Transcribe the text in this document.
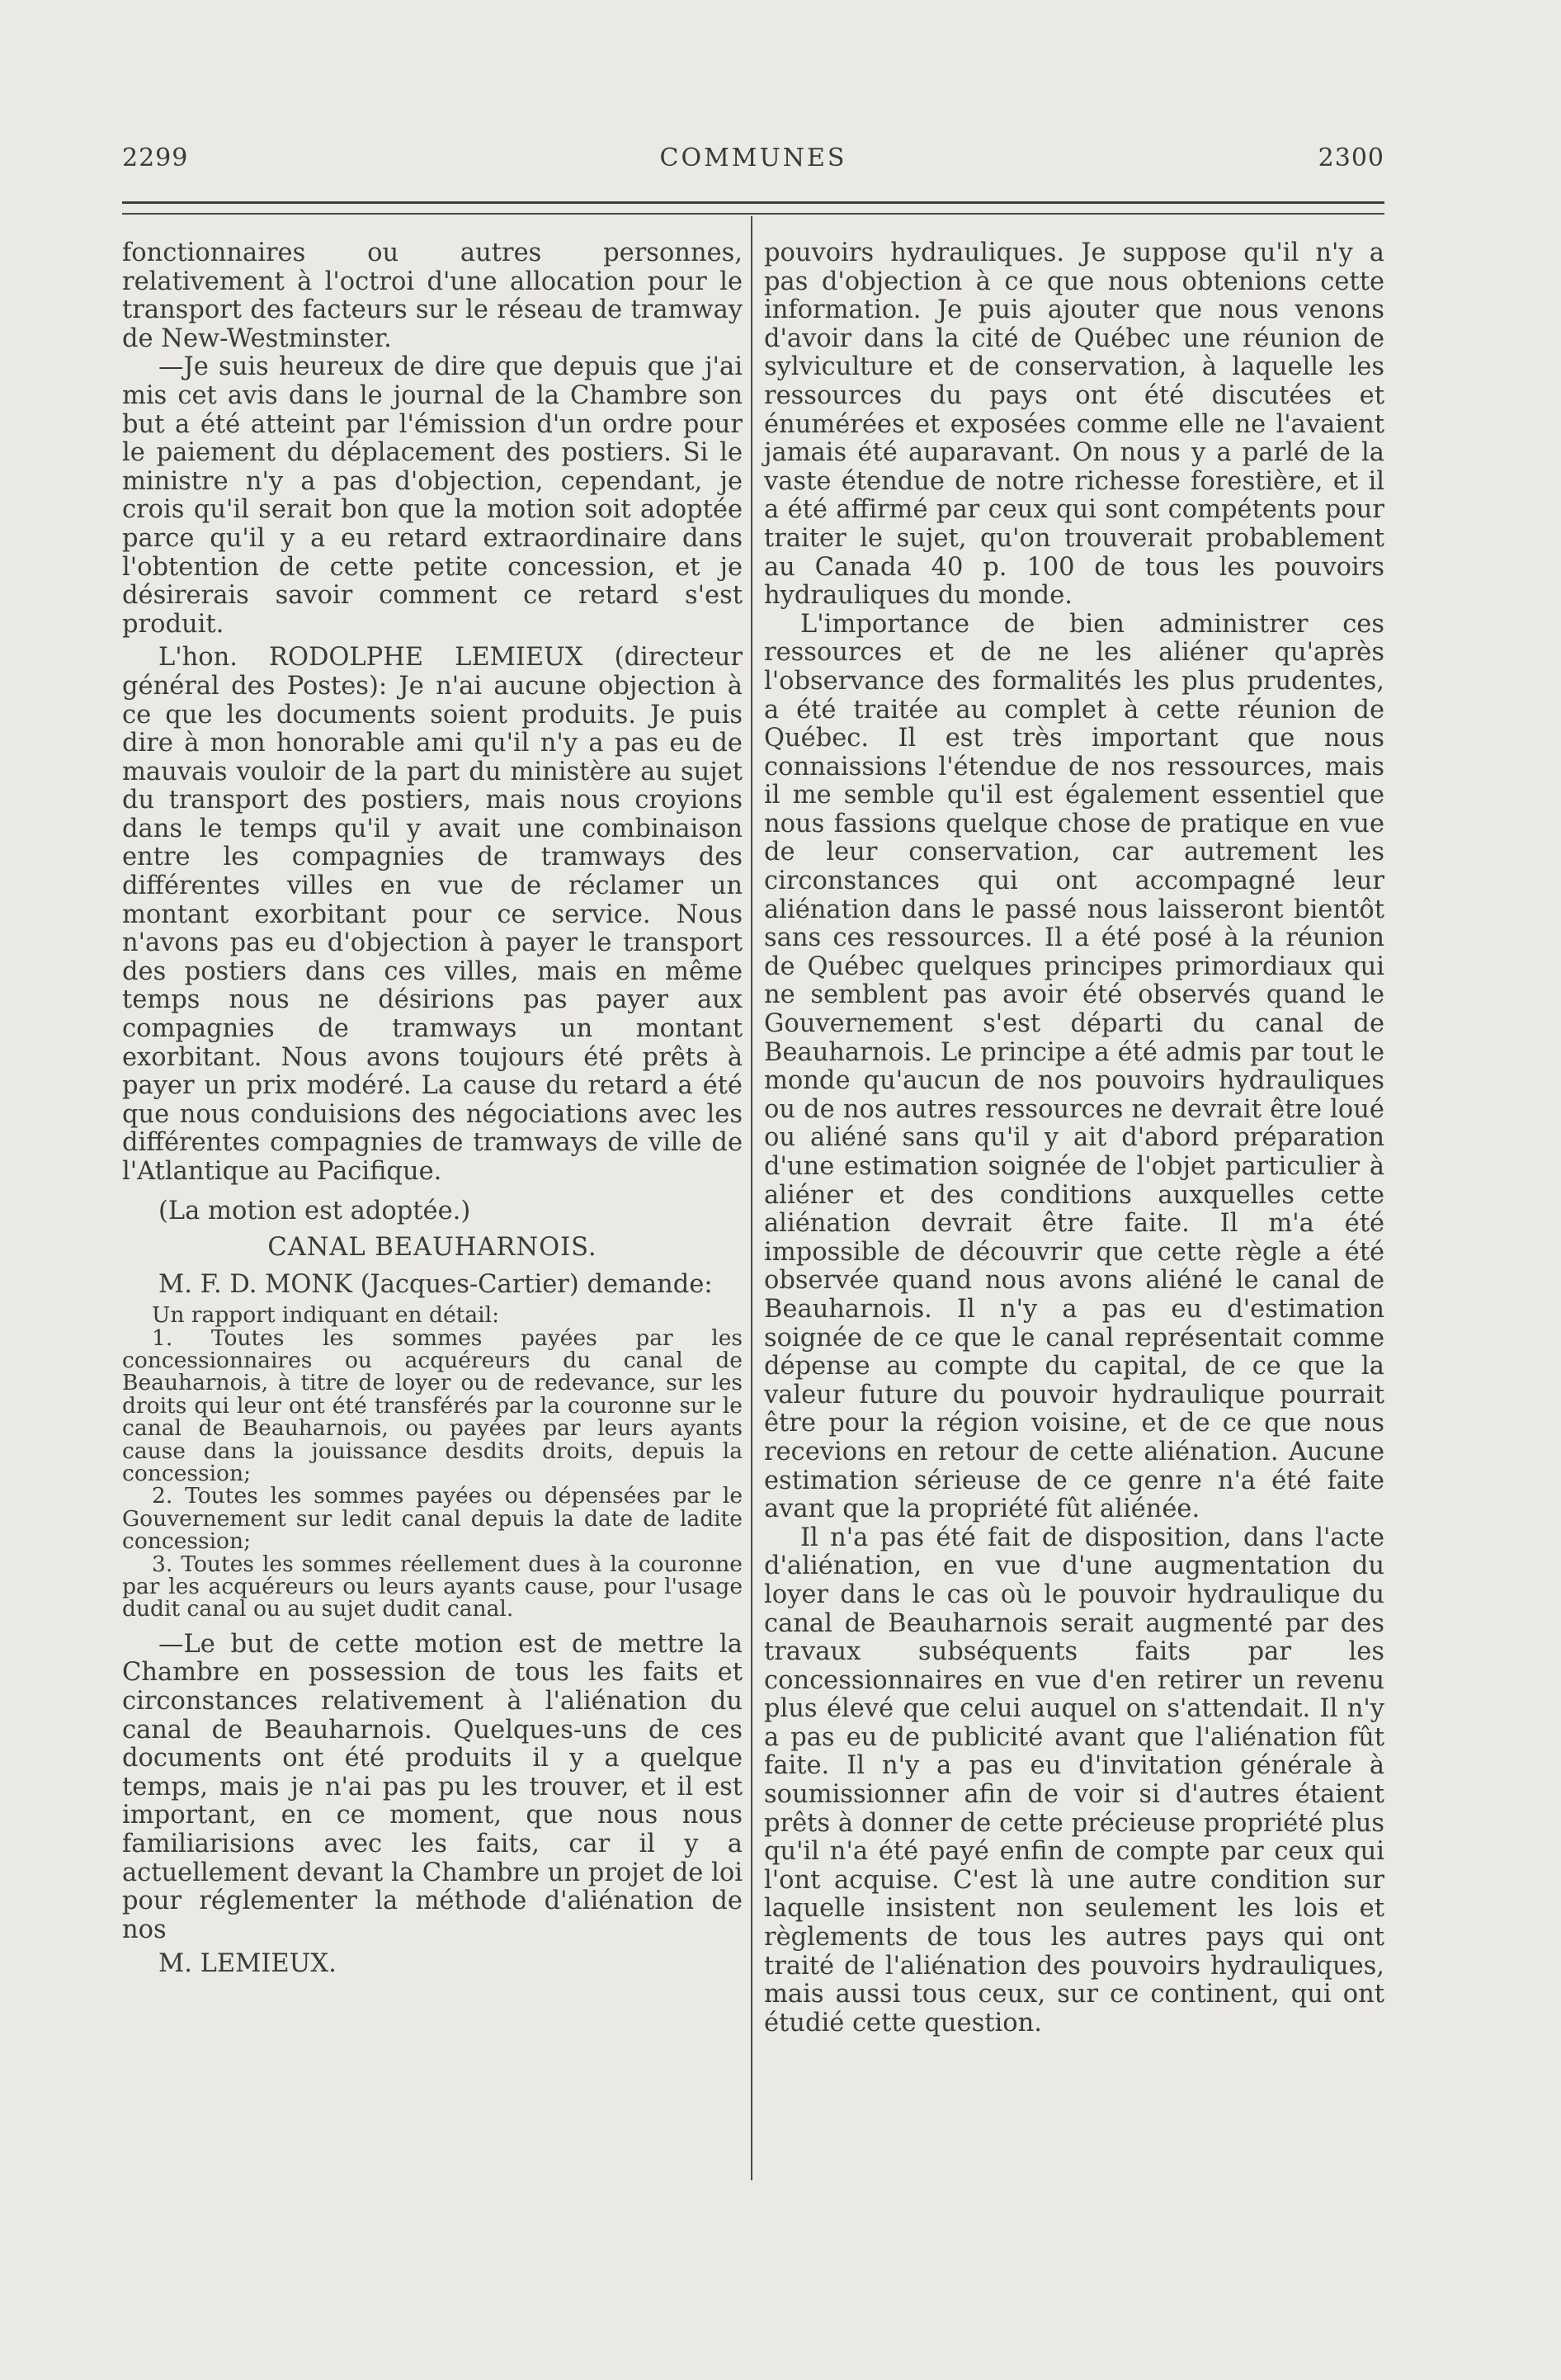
2299	COMMUNES	2300

fonctionnaires ou autres personnes, relativement à l'octroi d'une allocation pour le transport des facteurs sur le réseau de tramway de New-Westminster.

—Je suis heureux de dire que depuis que j'ai mis cet avis dans le journal de la Chambre son but a été atteint par l'émission d'un ordre pour le paiement du déplacement des postiers. Si le ministre n'y a pas d'objection, cependant, je crois qu'il serait bon que la motion soit adoptée parce qu'il y a eu retard extraordinaire dans l'obtention de cette petite concession, et je désirerais savoir comment ce retard s'est produit.

L'hon. RODOLPHE LEMIEUX (directeur général des Postes): Je n'ai aucune objection à ce que les documents soient produits. Je puis dire à mon honorable ami qu'il n'y a pas eu de mauvais vouloir de la part du ministère au sujet du transport des postiers, mais nous croyions dans le temps qu'il y avait une combinaison entre les compagnies de tramways des différentes villes en vue de réclamer un montant exorbitant pour ce service. Nous n'avons pas eu d'objection à payer le transport des postiers dans ces villes, mais en même temps nous ne désirions pas payer aux compagnies de tramways un montant exorbitant. Nous avons toujours été prêts à payer un prix modéré. La cause du retard a été que nous conduisions des négociations avec les différentes compagnies de tramways de ville de l'Atlantique au Pacifique.

(La motion est adoptée.)

CANAL BEAUHARNOIS.

M. F. D. MONK (Jacques-Cartier) demande:

Un rapport indiquant en détail:

1. Toutes les sommes payées par les concessionnaires ou acquéreurs du canal de Beauharnois, à titre de loyer ou de redevance, sur les droits qui leur ont été transférés par la couronne sur le canal de Beauharnois, ou payées par leurs ayants cause dans la jouissance desdits droits, depuis la concession;

2. Toutes les sommes payées ou dépensées par le Gouvernement sur ledit canal depuis la date de ladite concession;

3. Toutes les sommes réellement dues à la couronne par les acquéreurs ou leurs ayants cause, pour l'usage dudit canal ou au sujet dudit canal.

—Le but de cette motion est de mettre la Chambre en possession de tous les faits et circonstances relativement à l'aliénation du canal de Beauharnois. Quelques-uns de ces documents ont été produits il y a quelque temps, mais je n'ai pas pu les trouver, et il est important, en ce moment, que nous nous familiarisions avec les faits, car il y a actuellement devant la Chambre un projet de loi pour réglementer la méthode d'aliénation de nos

M. LEMIEUX.

pouvoirs hydrauliques. Je suppose qu'il n'y a pas d'objection à ce que nous obtenions cette information. Je puis ajouter que nous venons d'avoir dans la cité de Québec une réunion de sylviculture et de conservation, à laquelle les ressources du pays ont été discutées et énumérées et exposées comme elle ne l'avaient jamais été auparavant. On nous y a parlé de la vaste étendue de notre richesse forestière, et il a été affirmé par ceux qui sont compétents pour traiter le sujet, qu'on trouverait probablement au Canada 40 p. 100 de tous les pouvoirs hydrauliques du monde.

L'importance de bien administrer ces ressources et de ne les aliéner qu'après l'observance des formalités les plus prudentes, a été traitée au complet à cette réunion de Québec. Il est très important que nous connaissions l'étendue de nos ressources, mais il me semble qu'il est également essentiel que nous fassions quelque chose de pratique en vue de leur conservation, car autrement les circonstances qui ont accompagné leur aliénation dans le passé nous laisseront bientôt sans ces ressources. Il a été posé à la réunion de Québec quelques principes primordiaux qui ne semblent pas avoir été observés quand le Gouvernement s'est départi du canal de Beauharnois. Le principe a été admis par tout le monde qu'aucun de nos pouvoirs hydrauliques ou de nos autres ressources ne devrait être loué ou aliéné sans qu'il y ait d'abord préparation d'une estimation soignée de l'objet particulier à aliéner et des conditions auxquelles cette aliénation devrait être faite. Il m'a été impossible de découvrir que cette règle a été observée quand nous avons aliéné le canal de Beauharnois. Il n'y a pas eu d'estimation soignée de ce que le canal représentait comme dépense au compte du capital, de ce que la valeur future du pouvoir hydraulique pourrait être pour la région voisine, et de ce que nous recevions en retour de cette aliénation. Aucune estimation sérieuse de ce genre n'a été faite avant que la propriété fût aliénée.

Il n'a pas été fait de disposition, dans l'acte d'aliénation, en vue d'une augmentation du loyer dans le cas où le pouvoir hydraulique du canal de Beauharnois serait augmenté par des travaux subséquents faits par les concessionnaires en vue d'en retirer un revenu plus élevé que celui auquel on s'attendait. Il n'y a pas eu de publicité avant que l'aliénation fût faite. Il n'y a pas eu d'invitation générale à soumissionner afin de voir si d'autres étaient prêts à donner de cette précieuse propriété plus qu'il n'a été payé enfin de compte par ceux qui l'ont acquise. C'est là une autre condition sur laquelle insistent non seulement les lois et règlements de tous les autres pays qui ont traité de l'aliénation des pouvoirs hydrauliques, mais aussi tous ceux, sur ce continent, qui ont étudié cette question.
